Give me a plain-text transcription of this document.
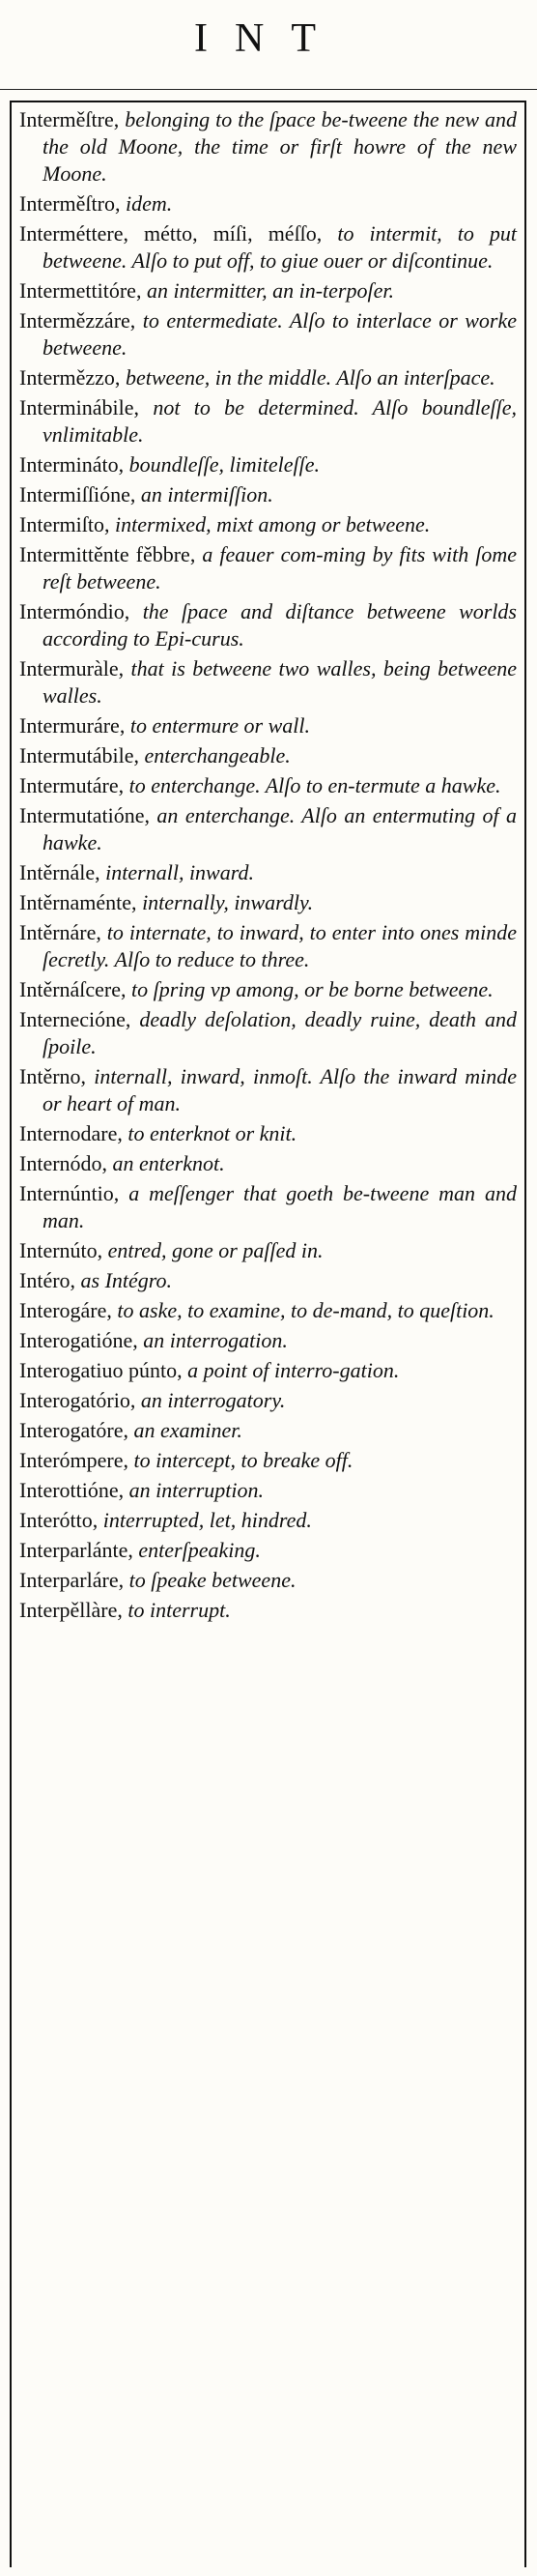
INT
Interměſtre, belonging to the ſpace be-tweene the new and the old Moone, the time or firſt howre of the new Moone.
Interměſtro, idem.
Interméttere, métto, míſi, méſſo, to intermit, to put betweene. Alſo to put off, to giue ouer or diſcontinue.
Intermettitóre, an intermitter, an in-terpoſer.
Intermězzáre, to entermediate. Alſo to interlace or worke betweene.
Intermězzo, betweene, in the middle. Alſo an interſpace.
Interminábile, not to be determined. Alſo boundleſſe, vnlimitable.
Intermináto, boundleſſe, limiteleſſe.
Intermiſſióne, an intermiſſion.
Intermiſto, intermixed, mixt among or betweene.
Intermittěnte fěbbre, a feauer com-ming by fits with ſome reſt betweene.
Intermóndio, the ſpace and diſtance betweene worlds according to Epi-curus.
Intermuràle, that is betweene two walles, being betweene walles.
Intermuráre, to entermure or wall.
Intermutábile, enterchangeable.
Intermutáre, to enterchange. Alſo to en-termute a hawke.
Intermutatióne, an enterchange. Alſo an entermuting of a hawke.
Intěrnále, internall, inward.
Intěrnaménte, internally, inwardly.
Intěrnáre, to internate, to inward, to enter into ones minde ſecretly. Alſo to reduce to three.
Intěrnáſcere, to ſpring vp among, or be borne betweene.
Internecióne, deadly deſolation, deadly ruine, death and ſpoile.
Intěrno, internall, inward, inmoſt. Alſo the inward minde or heart of man.
Internodare, to enterknot or knit.
Internódo, an enterknot.
Internúntio, a meſſenger that goeth be-tweene man and man.
Internúto, entred, gone or paſſed in.
Intéro, as Intégro.
Interogáre, to aske, to examine, to de-mand, to queſtion.
Interogatióne, an interrogation.
Interogatiuo púnto, a point of interro-gation.
Interogatório, an interrogatory.
Interogatóre, an examiner.
Interómpere, to intercept, to breake off.
Interottióne, an interruption.
Interótto, interrupted, let, hindred.
Interparlánte, enterſpeaking.
Interparláre, to ſpeake betweene.
Interpěllàre, to interrupt.
